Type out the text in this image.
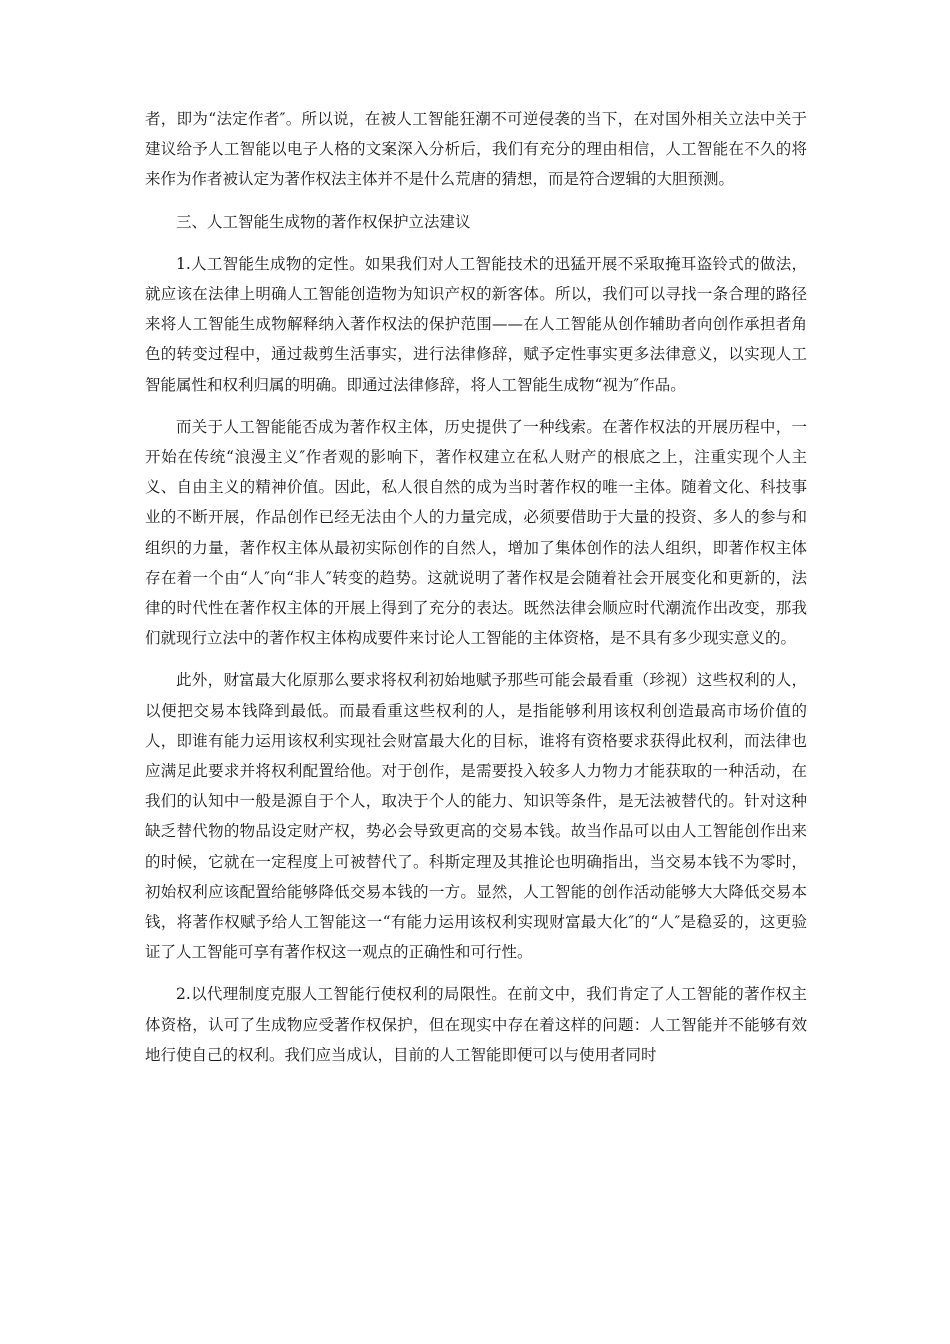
者，即为“法定作者″。所以说，在被人工智能狂潮不可逆侵袭的当下，在对国外相关立法中关于建议给予人工智能以电子人格的文案深入分析后，我们有充分的理由相信，人工智能在不久的将来作为作者被认定为著作权法主体并不是什么荒唐的猜想，而是符合逻辑的大胆预测。

三、人工智能生成物的著作权保护立法建议

1.人工智能生成物的定性。如果我们对人工智能技术的迅猛开展不采取掩耳盗铃式的做法，就应该在法律上明确人工智能创造物为知识产权的新客体。所以，我们可以寻找一条合理的路径来将人工智能生成物解释纳入著作权法的保护范围——在人工智能从创作辅助者向创作承担者角色的转变过程中，通过裁剪生活事实，进行法律修辞，赋予定性事实更多法律意义，以实现人工智能属性和权利归属的明确。即通过法律修辞，将人工智能生成物“视为″作品。

而关于人工智能能否成为著作权主体，历史提供了一种线索。在著作权法的开展历程中，一开始在传统“浪漫主义″作者观的影响下，著作权建立在私人财产的根底之上，注重实现个人主义、自由主义的精神价值。因此，私人很自然的成为当时著作权的唯一主体。随着文化、科技事业的不断开展，作品创作已经无法由个人的力量完成，必须要借助于大量的投资、多人的参与和组织的力量，著作权主体从最初实际创作的自然人，增加了集体创作的法人组织，即著作权主体存在着一个由“人″向“非人″转变的趋势。这就说明了著作权是会随着社会开展变化和更新的，法律的时代性在著作权主体的开展上得到了充分的表达。既然法律会顺应时代潮流作出改变，那我们就现行立法中的著作权主体构成要件来讨论人工智能的主体资格，是不具有多少现实意义的。

此外，财富最大化原那么要求将权利初始地赋予那些可能会最看重（珍视）这些权利的人，以便把交易本钱降到最低。而最看重这些权利的人，是指能够利用该权利创造最高市场价值的人，即谁有能力运用该权利实现社会财富最大化的目标，谁将有资格要求获得此权利，而法律也应满足此要求并将权利配置给他。对于创作，是需要投入较多人力物力才能获取的一种活动，在我们的认知中一般是源自于个人，取决于个人的能力、知识等条件，是无法被替代的。针对这种缺乏替代物的物品设定财产权，势必会导致更高的交易本钱。故当作品可以由人工智能创作出来的时候，它就在一定程度上可被替代了。科斯定理及其推论也明确指出，当交易本钱不为零时，初始权利应该配置给能够降低交易本钱的一方。显然，人工智能的创作活动能够大大降低交易本钱，将著作权赋予给人工智能这一“有能力运用该权利实现财富最大化″的“人″是稳妥的，这更验证了人工智能可享有著作权这一观点的正确性和可行性。

2.以代理制度克服人工智能行使权利的局限性。在前文中，我们肯定了人工智能的著作权主体资格，认可了生成物应受著作权保护，但在现实中存在着这样的问题：人工智能并不能够有效地行使自己的权利。我们应当成认，目前的人工智能即便可以与使用者同时
